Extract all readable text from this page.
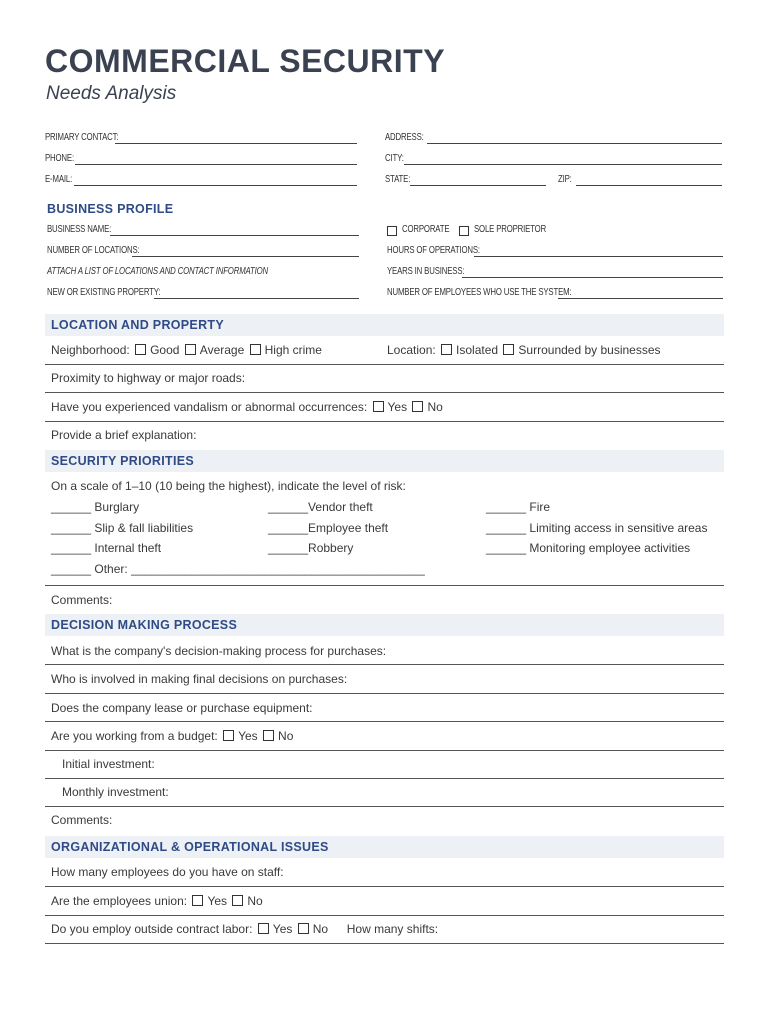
COMMERCIAL SECURITY
Needs Analysis
PRIMARY CONTACT:
PHONE:
E-MAIL:
ADDRESS:
CITY:
STATE:	ZIP:
BUSINESS PROFILE
BUSINESS NAME:
NUMBER OF LOCATIONS:
ATTACH A LIST OF LOCATIONS AND CONTACT INFORMATION
NEW OR EXISTING PROPERTY:
CORPORATE SOLE PROPRIETOR
HOURS OF OPERATIONS:
YEARS IN BUSINESS:
NUMBER OF EMPLOYEES WHO USE THE SYSTEM:
LOCATION AND PROPERTY
Neighborhood: Good Average High crime	Location: Isolated Surrounded by businesses
Proximity to highway or major roads:
Have you experienced vandalism or abnormal occurrences: Yes No
Provide a brief explanation:
SECURITY PRIORITIES
On a scale of 1–10 (10 being the highest), indicate the level of risk:
______ Burglary	______Vendor theft	______ Fire
______ Slip & fall liabilities	______Employee theft	______ Limiting access in sensitive areas
______ Internal theft	______Robbery	______ Monitoring employee activities
______ Other: ____________________________________________
Comments:
DECISION MAKING PROCESS
What is the company's decision-making process for purchases:
Who is involved in making final decisions on purchases:
Does the company lease or purchase equipment:
Are you working from a budget: Yes No
Initial investment:
Monthly investment:
Comments:
ORGANIZATIONAL & OPERATIONAL ISSUES
How many employees do you have on staff:
Are the employees union: Yes No
Do you employ outside contract labor: Yes No How many shifts:
